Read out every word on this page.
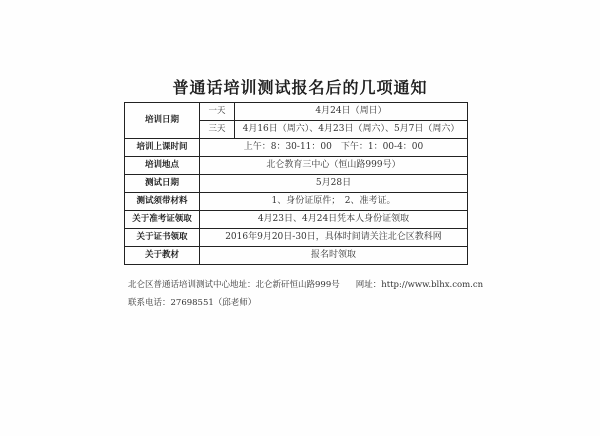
普通话培训测试报名后的几项通知
培训日期	一天	4月24日（周日）
	三天	4月16日（周六）、4月23日（周六）、5月7日（周六）
培训上课时间	上午：8：30-11：00　下午：1：00-4：00	
培训地点	北仑教育三中心（恒山路999号）	
测试日期	5月28日	
测试须带材料	1、身份证原件；　2、准考证。	
关于准考证领取	4月23日、4月24日凭本人身份证领取	
关于证书领取	2016年9月20日-30日，具体时间请关注北仑区教科网	
关于教材	报名时领取	
北仑区普通话培训测试中心地址：北仑新矸恒山路999号 网址：http://www.blhx.com.cn
联系电话：27698551（邱老师）
